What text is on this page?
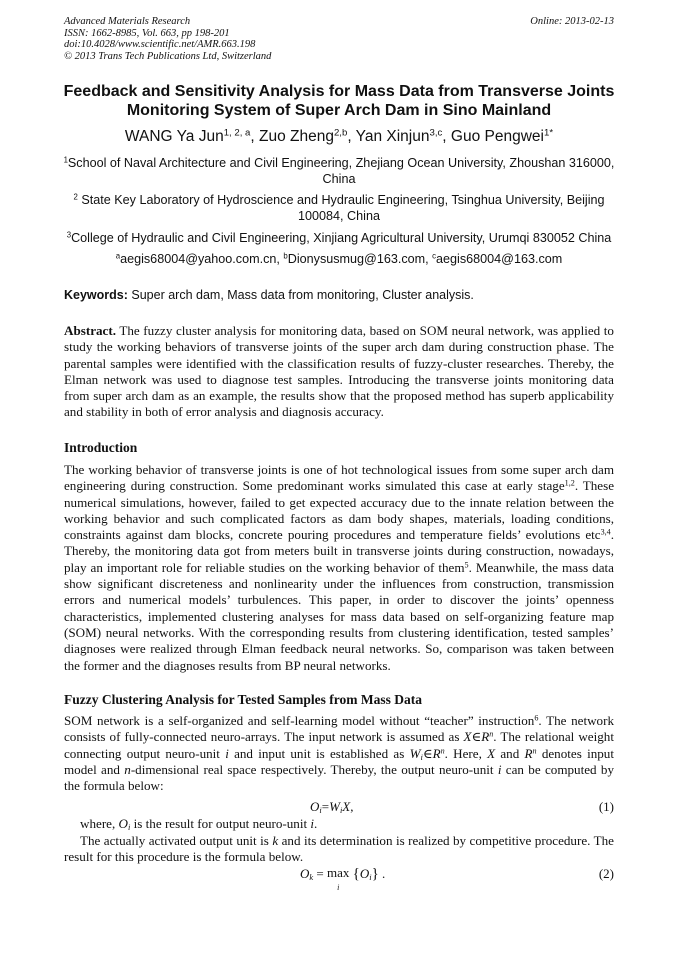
Advanced Materials Research
ISSN: 1662-8985, Vol. 663, pp 198-201
doi:10.4028/www.scientific.net/AMR.663.198
© 2013 Trans Tech Publications Ltd, Switzerland
Online: 2013-02-13
Feedback and Sensitivity Analysis for Mass Data from Transverse Joints
Monitoring System of Super Arch Dam in Sino Mainland
WANG Ya Jun$^{1, 2, a}$, Zuo Zheng$^{2,b}$, Yan Xinjun$^{3,c}$, Guo Pengwei$^{1*}$
$^1$School of Naval Architecture and Civil Engineering, Zhejiang Ocean University, Zhoushan 316000, China
$^2$ State Key Laboratory of Hydroscience and Hydraulic Engineering, Tsinghua University, Beijing 100084, China
$^3$College of Hydraulic and Civil Engineering, Xinjiang Agricultural University, Urumqi 830052 China
$^a$aegis68004@yahoo.com.cn, $^b$Dionysusmug@163.com, $^c$aegis68004@163.com
Keywords: Super arch dam, Mass data from monitoring, Cluster analysis.
Abstract. The fuzzy cluster analysis for monitoring data, based on SOM neural network, was applied to study the working behaviors of transverse joints of the super arch dam during construction phase. The parental samples were identified with the classification results of fuzzy-cluster researches. Thereby, the Elman network was used to diagnose test samples. Introducing the transverse joints monitoring data from super arch dam as an example, the results show that the proposed method has superb applicability and stability in both of error analysis and diagnosis accuracy.
Introduction
The working behavior of transverse joints is one of hot technological issues from some super arch dam engineering during construction. Some predominant works simulated this case at early stage$^{1,2}$. These numerical simulations, however, failed to get expected accuracy due to the innate relation between the working behavior and such complicated factors as dam body shapes, materials, loading conditions, constraints against dam blocks, concrete pouring procedures and temperature fields’ evolutions etc$^{3,4}$. Thereby, the monitoring data got from meters built in transverse joints during construction, nowadays, play an important role for reliable studies on the working behavior of them$^5$. Meanwhile, the mass data show significant discreteness and nonlinearity under the influences from construction, transmission errors and numerical models’ turbulences. This paper, in order to discover the joints’ openness characteristics, implemented clustering analyses for mass data based on self-organizing feature map (SOM) neural networks. With the corresponding results from clustering identification, tested samples’ diagnoses were realized through Elman feedback neural networks. So, comparison was taken between the former and the diagnoses results from BP neural networks.
Fuzzy Clustering Analysis for Tested Samples from Mass Data
SOM network is a self-organized and self-learning model without “teacher” instruction$^6$. The network consists of fully-connected neuro-arrays. The input network is assumed as $X\in R^n$. The relational weight connecting output neuro-unit i and input unit is established as $W_i\in R^n$. Here, X and $R^n$ denotes input model and n-dimensional real space respectively. Thereby, the output neuro-unit i can be computed by the formula below:
$O_i=W_iX$,	(1)
where, $O_i$ is the result for output neuro-unit i.
The actually activated output unit is k and its determination is realized by competitive procedure. The result for this procedure is the formula below.
$O_k = \max$
i $\{O_i\}$ .	(2)
